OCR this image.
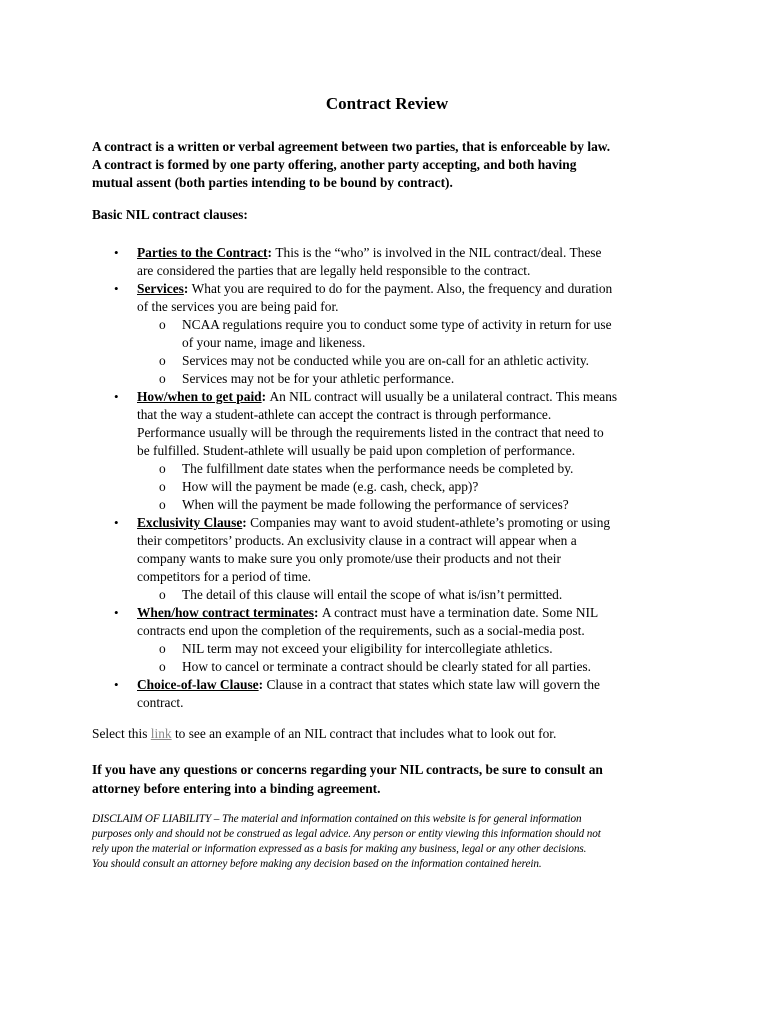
Contract Review

A contract is a written or verbal agreement between two parties, that is enforceable by law.
A contract is formed by one party offering, another party accepting, and both having
mutual assent (both parties intending to be bound by contract).

Basic NIL contract clauses:

• Parties to the Contract: This is the “who” is involved in the NIL contract/deal. These
are considered the parties that are legally held responsible to the contract.
• Services: What you are required to do for the payment. Also, the frequency and duration
of the services you are being paid for.
o NCAA regulations require you to conduct some type of activity in return for use
of your name, image and likeness.
o Services may not be conducted while you are on-call for an athletic activity.
o Services may not be for your athletic performance.
• How/when to get paid: An NIL contract will usually be a unilateral contract. This means
that the way a student-athlete can accept the contract is through performance.
Performance usually will be through the requirements listed in the contract that need to
be fulfilled. Student-athlete will usually be paid upon completion of performance.
o The fulfillment date states when the performance needs be completed by.
o How will the payment be made (e.g. cash, check, app)?
o When will the payment be made following the performance of services?
• Exclusivity Clause: Companies may want to avoid student-athlete’s promoting or using
their competitors’ products. An exclusivity clause in a contract will appear when a
company wants to make sure you only promote/use their products and not their
competitors for a period of time.
o The detail of this clause will entail the scope of what is/isn’t permitted.
• When/how contract terminates: A contract must have a termination date. Some NIL
contracts end upon the completion of the requirements, such as a social-media post.
o NIL term may not exceed your eligibility for intercollegiate athletics.
o How to cancel or terminate a contract should be clearly stated for all parties.
• Choice-of-law Clause: Clause in a contract that states which state law will govern the
contract.

Select this link to see an example of an NIL contract that includes what to look out for.

If you have any questions or concerns regarding your NIL contracts, be sure to consult an
attorney before entering into a binding agreement.

DISCLAIM OF LIABILITY – The material and information contained on this website is for general information
purposes only and should not be construed as legal advice. Any person or entity viewing this information should not
rely upon the material or information expressed as a basis for making any business, legal or any other decisions.
You should consult an attorney before making any decision based on the information contained herein.
